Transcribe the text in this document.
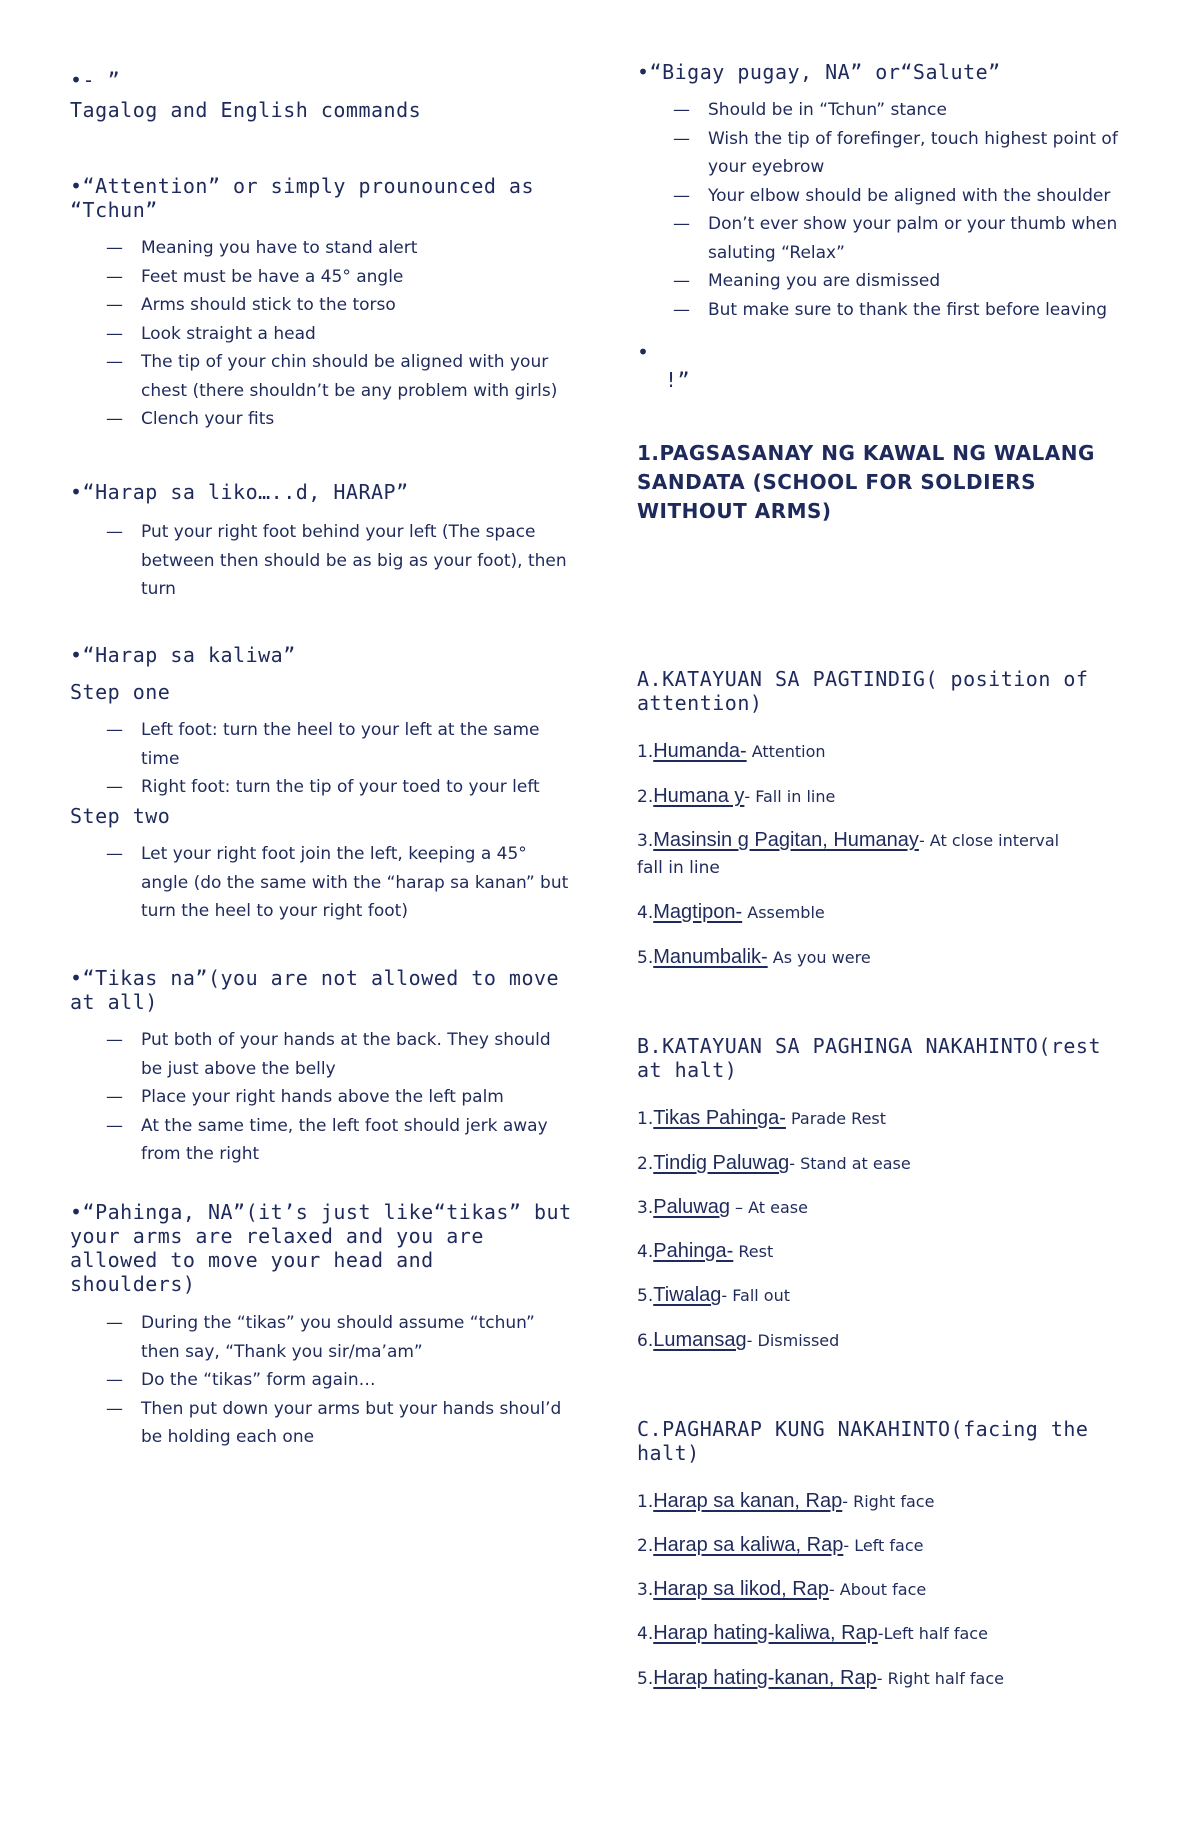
•‑ ”
Tagalog and English commands
•“Attention” or simply prounounced as
“Tchun”
— Meaning you have to stand alert
— Feet must be have a 45° angle
— Arms should stick to the torso
— Look straight a head
— The tip of your chin should be aligned with your chest (there shouldn’t be any problem with girls)
— Clench your fits
•“Harap sa liko…..d, HARAP”
— Put your right foot behind your left (The space between then should be as big as your foot), then turn
•“Harap sa kaliwa”
Step one
— Left foot: turn the heel to your left at the same time
— Right foot: turn the tip of your toed to your left
Step two
— Let your right foot join the left, keeping a 45° angle (do the same with the “harap sa kanan” but turn the heel to your right foot)
•“Tikas na”(you are not allowed to move
at all)
— Put both of your hands at the back. They should be just above the belly
— Place your right hands above the left palm
— At the same time, the left foot should jerk away from the right
•“Pahinga, NA”(it’s just like“tikas” but
your arms are relaxed and you are
allowed to move your head and
shoulders)
— During the “tikas” you should assume “tchun” then say, “Thank you sir/ma’am”
— Do the “tikas” form again…
— Then put down your arms but your hands shoul’d be holding each one
•“Bigay pugay, NA” or“Salute”
— Should be in “Tchun” stance
— Wish the tip of forefinger, touch highest point of your eyebrow
— Your elbow should be aligned with the shoulder
— Don’t ever show your palm or your thumb when saluting “Relax”
— Meaning you are dismissed
— But make sure to thank the first before leaving
•
!”
1.PAGSASANAY NG KAWAL NG WALANG
SANDATA (SCHOOL FOR SOLDIERS
WITHOUT ARMS)
A.KATAYUAN SA PAGTINDIG( position of
attention)
1.Humanda- Attention
2.Humana y- Fall in line
3.Masinsin g Pagitan, Humanay- At close interval
fall in line
4.Magtipon- Assemble
5.Manumbalik- As you were
B.KATAYUAN SA PAGHINGA NAKAHINTO(rest
at halt)
1.Tikas Pahinga- Parade Rest
2.Tindig Paluwag- Stand at ease
3.Paluwag – At ease
4.Pahinga- Rest
5.Tiwalag- Fall out
6.Lumansag- Dismissed
C.PAGHARAP KUNG NAKAHINTO(facing the
halt)
1.Harap sa kanan, Rap- Right face
2.Harap sa kaliwa, Rap- Left face
3.Harap sa likod, Rap- About face
4.Harap hating-kaliwa, Rap-Left half face
5.Harap hating-kanan, Rap- Right half face
